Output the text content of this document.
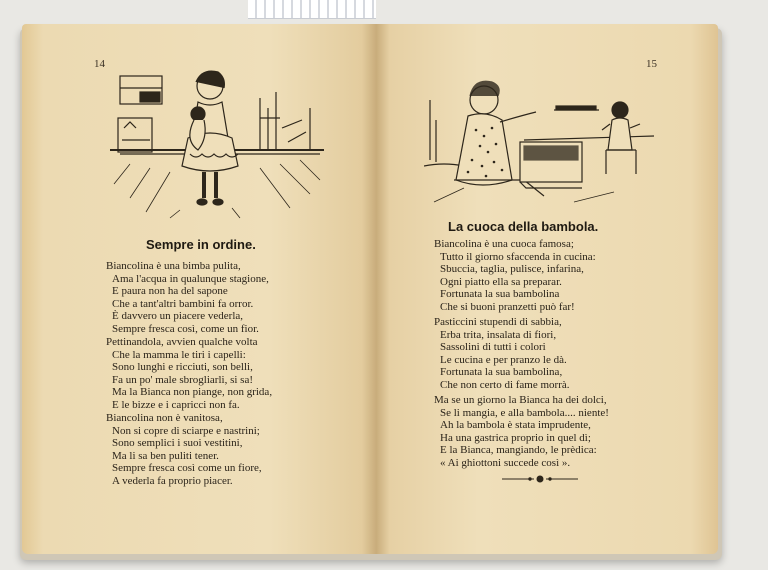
14
Sempre in ordine.
Biancolina è una bimba pulita,
Ama l'acqua in qualunque stagione,
E paura non ha del sapone
Che a tant'altri bambini fa orror.
È davvero un piacere vederla,
Sempre fresca così, come un fior.
Pettinandola, avvien qualche volta
Che la mamma le tiri i capelli:
Sono lunghi e ricciuti, son belli,
Fa un po' male sbrogliarli, si sa!
Ma la Bianca non piange, non grida,
E le bizze e i capricci non fa.
Biancolina non è vanitosa,
Non si copre di sciarpe e nastrini;
Sono semplici i suoi vestitini,
Ma li sa ben puliti tener.
Sempre fresca così come un fiore,
A vederla fa proprio piacer.
15
La cuoca della bambola.
Biancolina è una cuoca famosa;
Tutto il giorno sfaccenda in cucina:
Sbuccia, taglia, pulisce, infarina,
Ogni piatto ella sa preparar.
Fortunata la sua bambolina
Che si buoni pranzetti può far!
Pasticcini stupendi di sabbia,
Erba trita, insalata di fiori,
Sassolini di tutti i colori
Le cucina e per pranzo le dà.
Fortunata la sua bambolina,
Che non certo di fame morrà.
Ma se un giorno la Bianca ha dei dolci,
Se li mangia, e alla bambola.... niente!
Ah la bambola è stata imprudente,
Ha una gastrica proprio in quel dì;
E la Bianca, mangiando, le prèdica:
« Ai ghiottoni succede così ».
